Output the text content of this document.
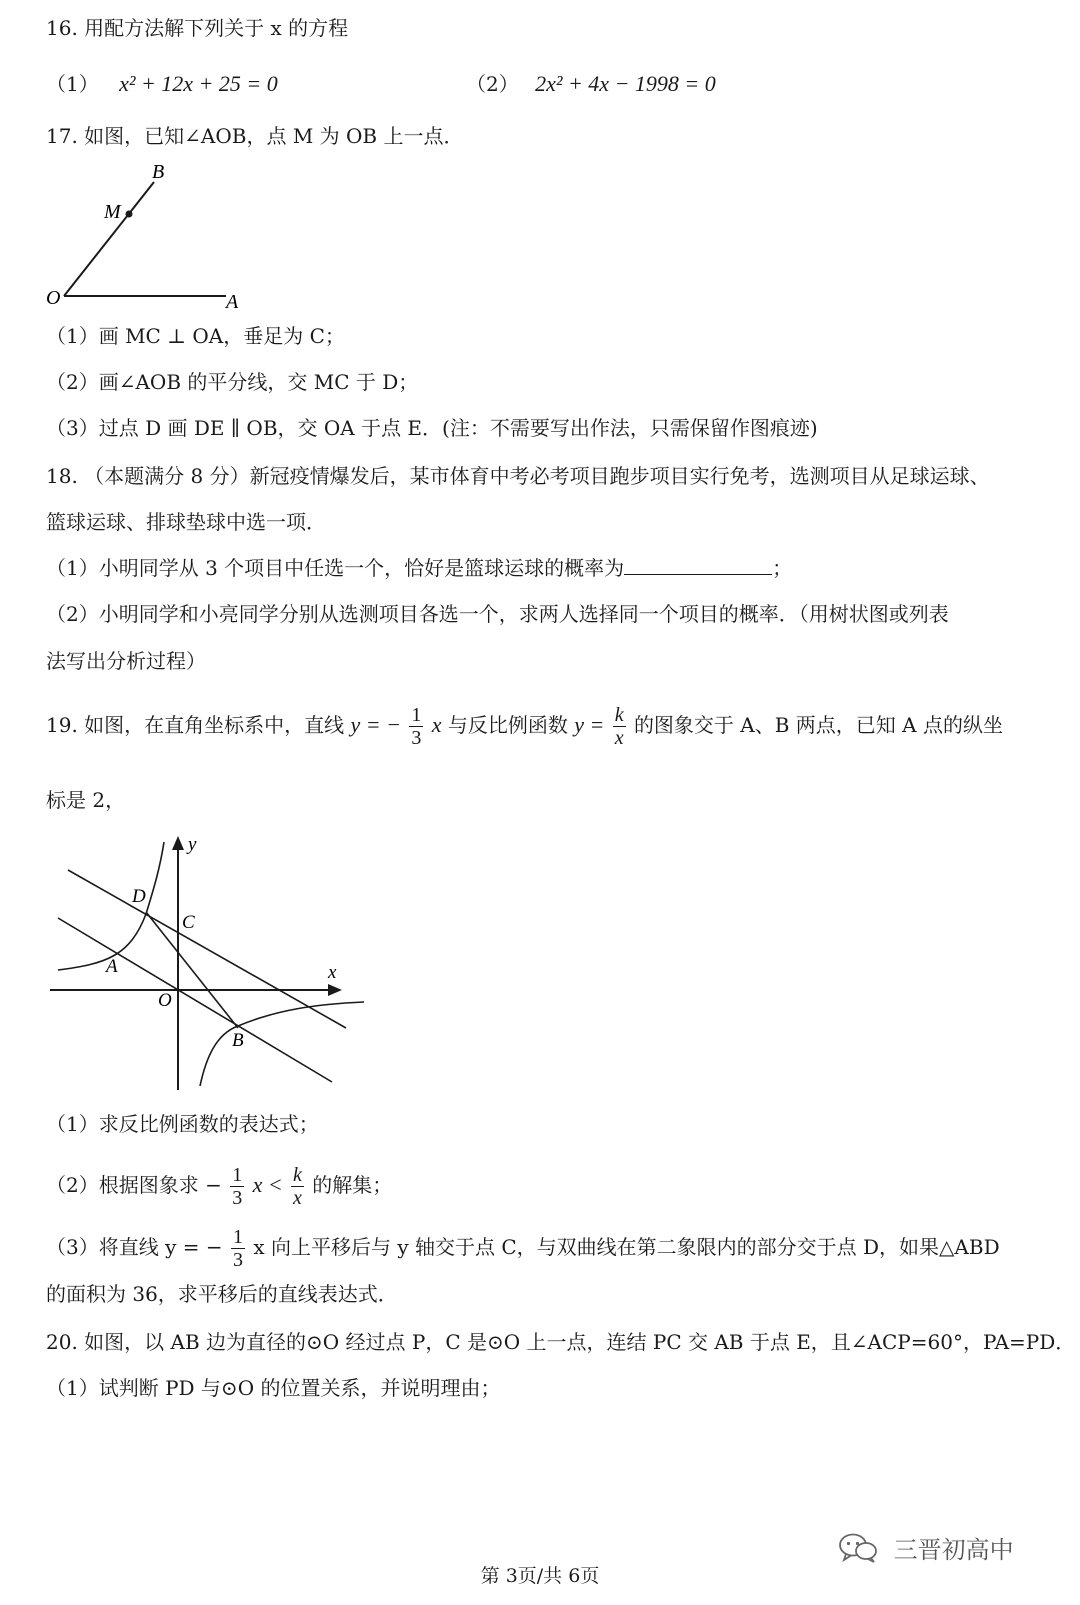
16. 用配方法解下列关于 x 的方程
（1） x² + 12x + 25 = 0	（2） 2x² + 4x − 1998 = 0
17. 如图，已知∠AOB，点 M 为 OB 上一点．
B
M
O	A
（1）画 MC ⊥ OA，垂足为 C；
（2）画∠AOB 的平分线，交 MC 于 D；
（3）过点 D 画 DE ∥ OB，交 OA 于点 E．(注：不需要写出作法，只需保留作图痕迹)
18. （本题满分 8 分）新冠疫情爆发后，某市体育中考必考项目跑步项目实行免考，选测项目从足球运球、
篮球运球、排球垫球中选一项．
（1）小明同学从 3 个项目中任选一个，恰好是篮球运球的概率为	；
（2）小明同学和小亮同学分别从选测项目各选一个，求两人选择同一个项目的概率．（用树状图或列表
法写出分析过程）
19. 如图，在直角坐标系中，直线 y = − $\frac{1}{3}$ x 与反比例函数 $y = \frac{k}{x}$ 的图象交于 A、B 两点，已知 A 点的纵坐
标是 2，
y
x
D
C
A
O
B
（1）求反比例函数的表达式；
（2）根据图象求 − $\frac{1}{3}$ $x < \frac{k}{x}$ 的解集；
（3）将直线 y = − $\frac{1}{3}$ x 向上平移后与 y 轴交于点 C，与双曲线在第二象限内的部分交于点 D，如果△ABD
的面积为 36，求平移后的直线表达式．
20. 如图，以 AB 边为直径的⊙O 经过点 P，C 是⊙O 上一点，连结 PC 交 AB 于点 E，且∠ACP=60°，PA=PD．
（1）试判断 PD 与⊙O 的位置关系，并说明理由；
三晋初高中
第 3页/共 6页
